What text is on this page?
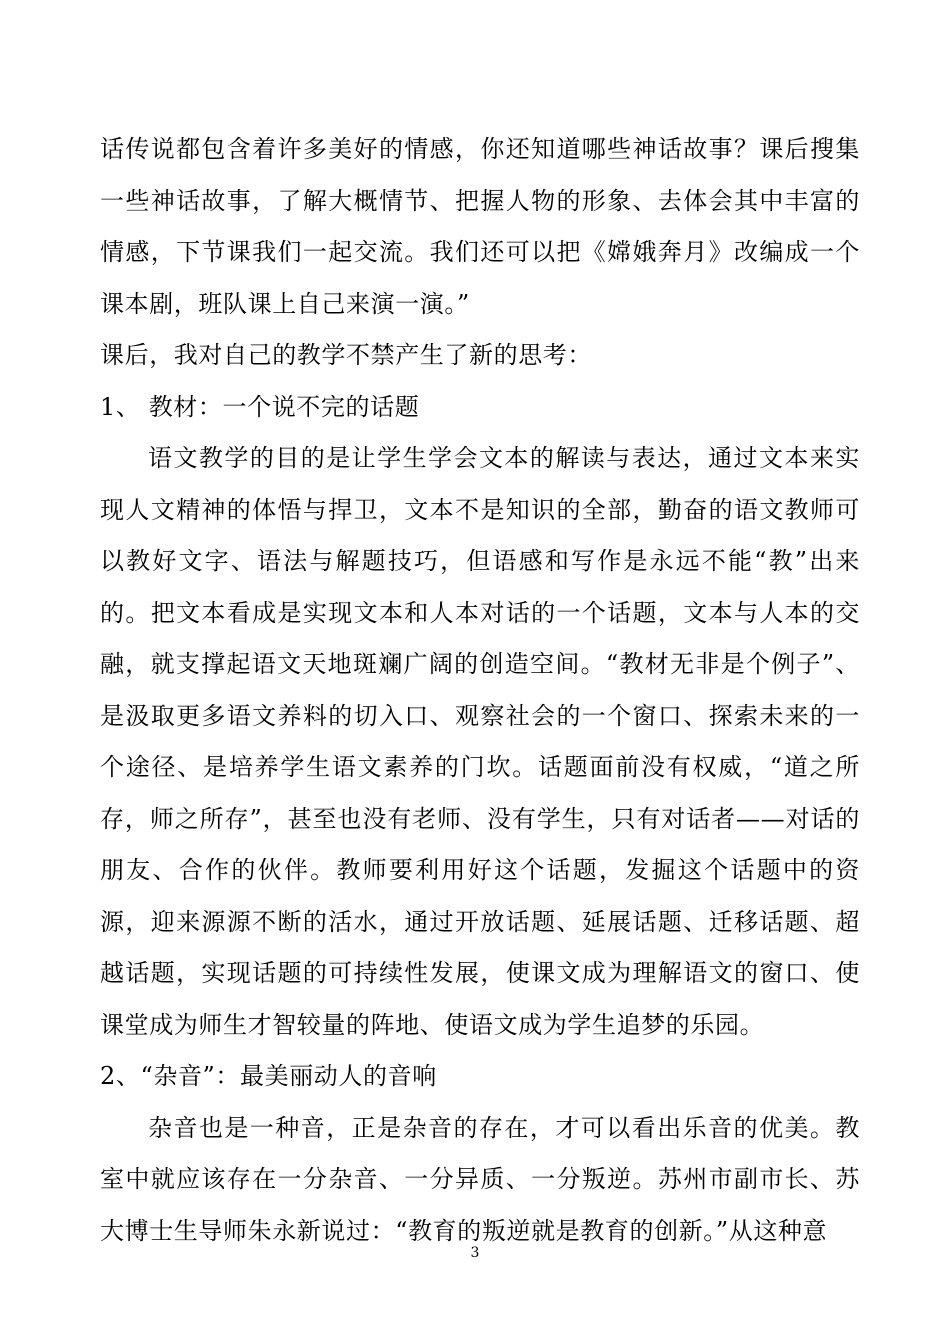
话传说都包含着许多美好的情感，你还知道哪些神话故事？课后搜集一些神话故事，了解大概情节、把握人物的形象、去体会其中丰富的情感，下节课我们一起交流。我们还可以把《嫦娥奔月》改编成一个课本剧，班队课上自己来演一演。”

课后，我对自己的教学不禁产生了新的思考：

1、 教材：一个说不完的话题

语文教学的目的是让学生学会文本的解读与表达，通过文本来实现人文精神的体悟与捍卫，文本不是知识的全部，勤奋的语文教师可以教好文字、语法与解题技巧，但语感和写作是永远不能“教”出来的。把文本看成是实现文本和人本对话的一个话题，文本与人本的交融，就支撑起语文天地斑斓广阔的创造空间。“教材无非是个例子”、是汲取更多语文养料的切入口、观察社会的一个窗口、探索未来的一个途径、是培养学生语文素养的门坎。话题面前没有权威，“道之所存，师之所存”，甚至也没有老师、没有学生，只有对话者——对话的朋友、合作的伙伴。教师要利用好这个话题，发掘这个话题中的资源，迎来源源不断的活水，通过开放话题、延展话题、迁移话题、超越话题，实现话题的可持续性发展，使课文成为理解语文的窗口、使课堂成为师生才智较量的阵地、使语文成为学生追梦的乐园。

2、“杂音”：最美丽动人的音响

杂音也是一种音，正是杂音的存在，才可以看出乐音的优美。教室中就应该存在一分杂音、一分异质、一分叛逆。苏州市副市长、苏大博士生导师朱永新说过：“教育的叛逆就是教育的创新。”从这种意

3
